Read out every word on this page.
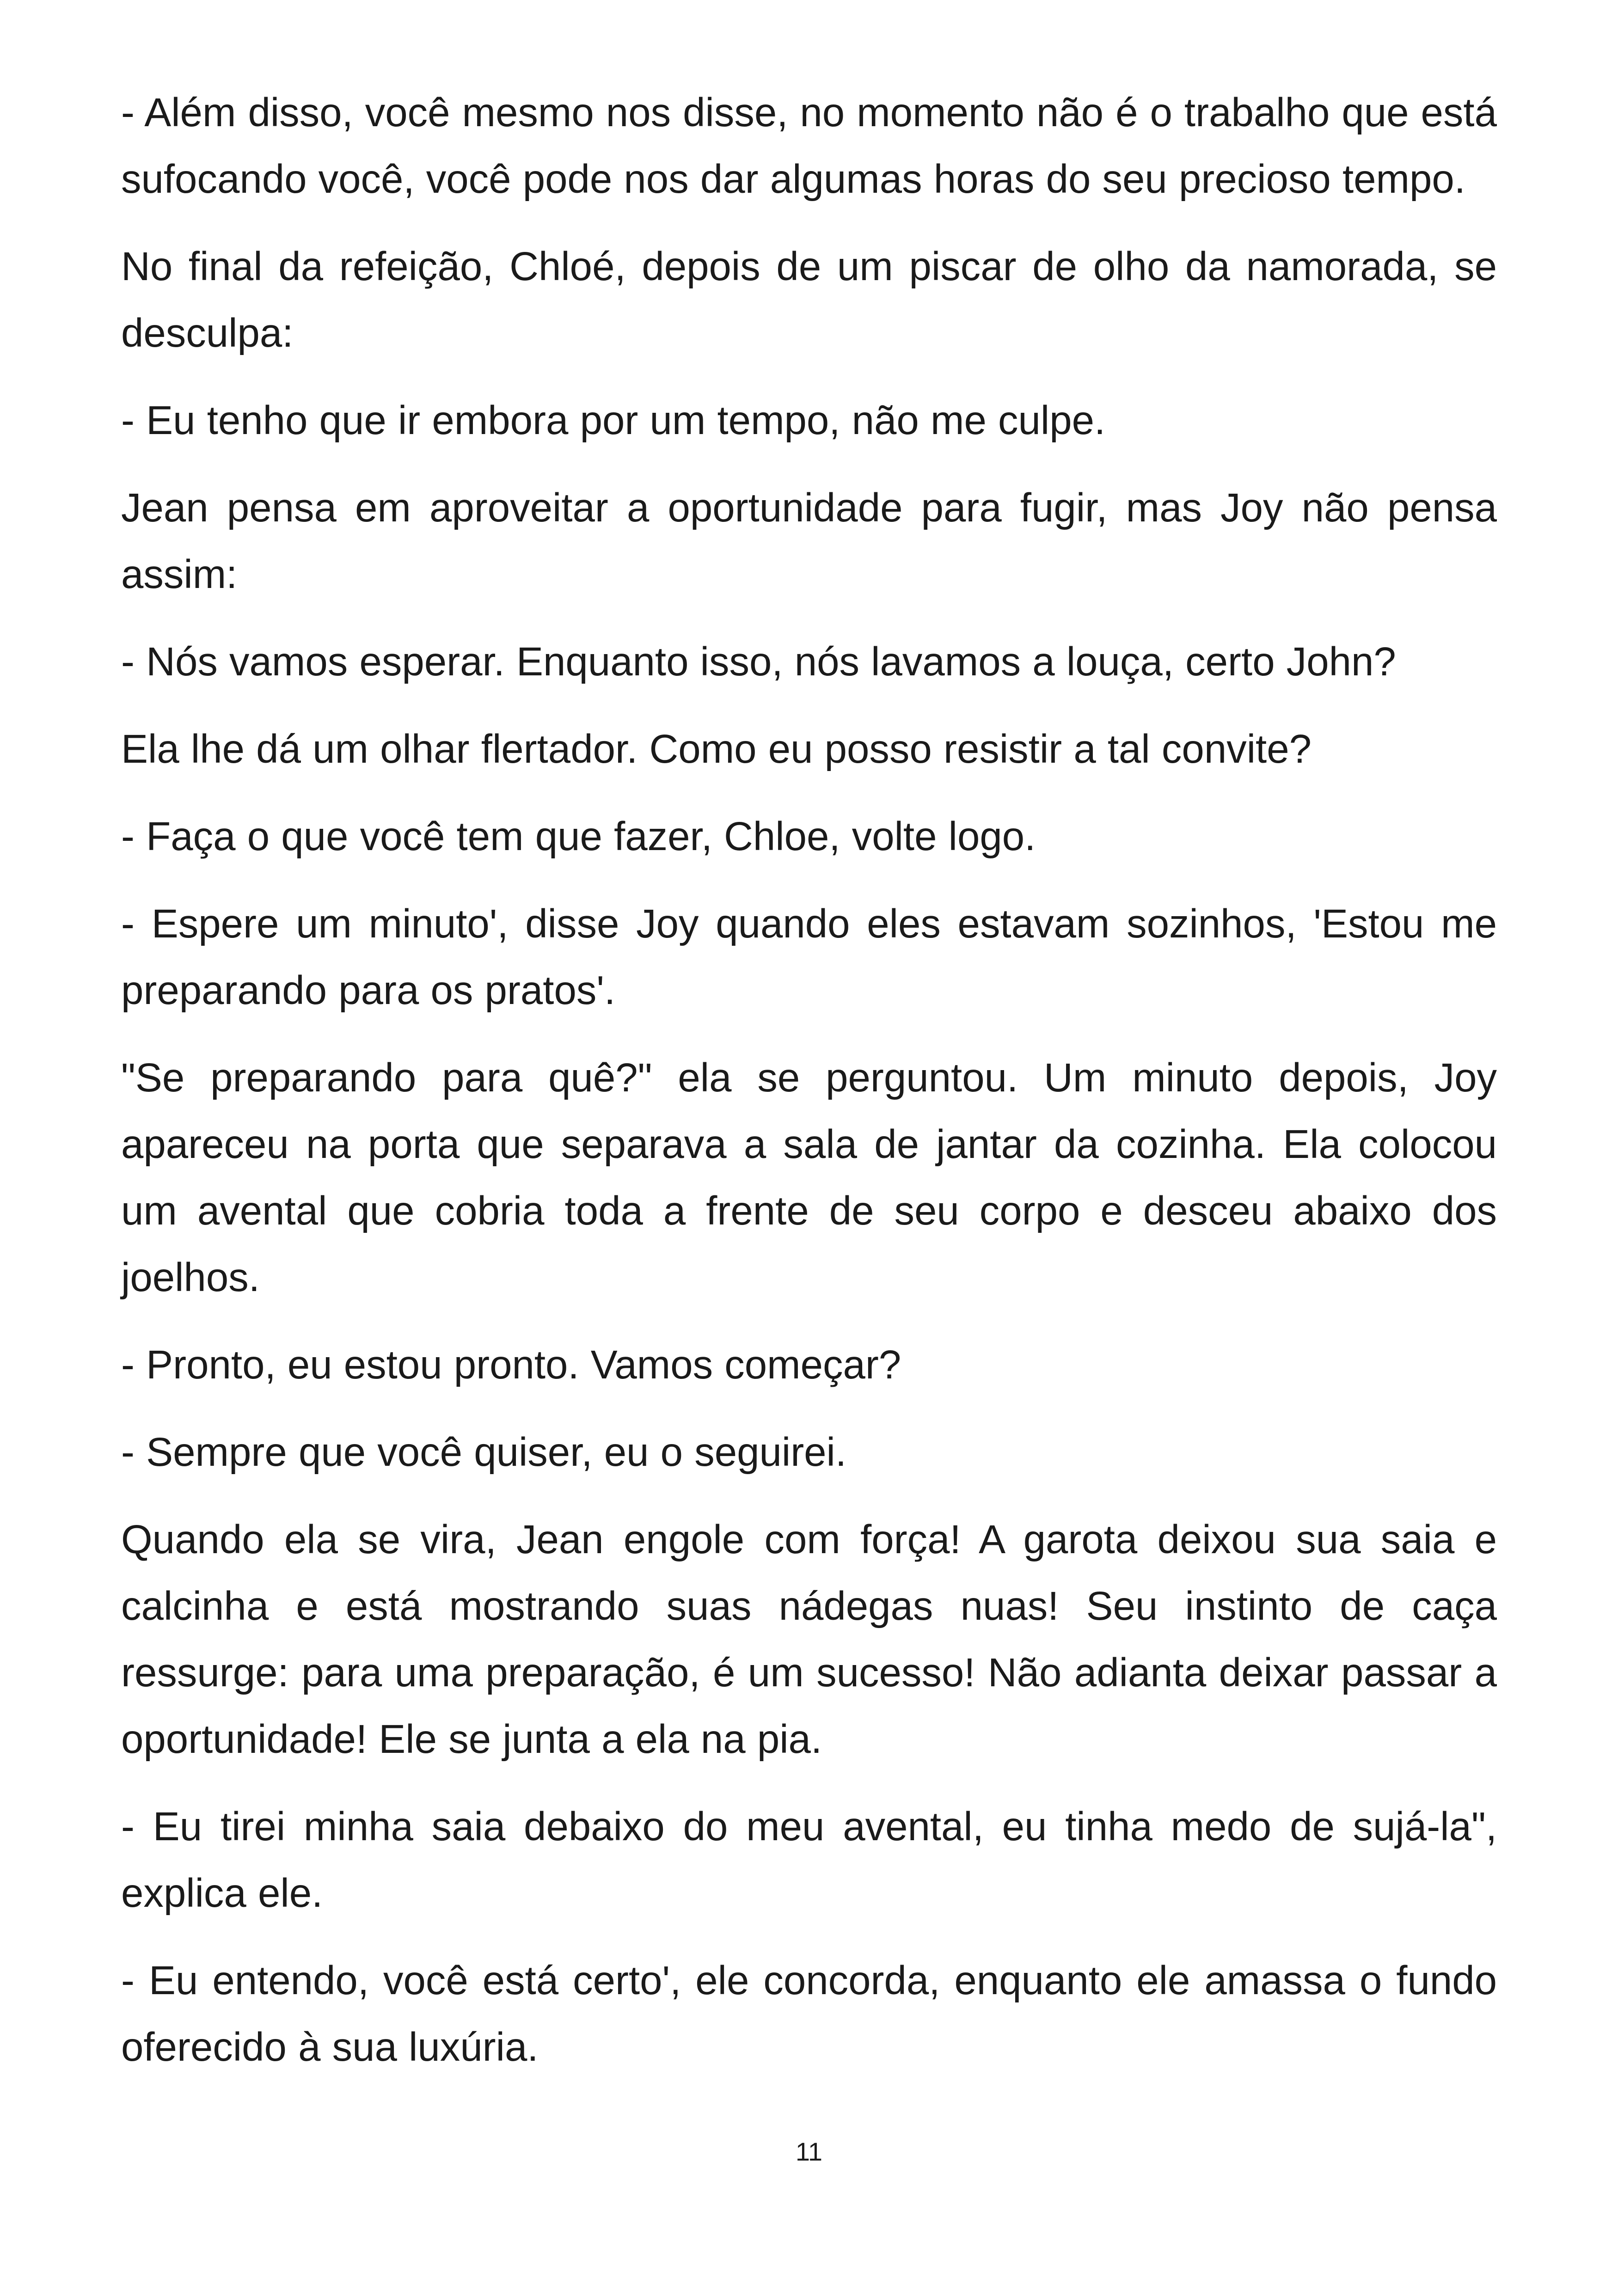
- Além disso, você mesmo nos disse, no momento não é o trabalho que está sufocando você, você pode nos dar algumas horas do seu precioso tempo.

No final da refeição, Chloé, depois de um piscar de olho da namorada, se desculpa:

- Eu tenho que ir embora por um tempo, não me culpe.

Jean pensa em aproveitar a oportunidade para fugir, mas Joy não pensa assim:

- Nós vamos esperar. Enquanto isso, nós lavamos a louça, certo John?

Ela lhe dá um olhar flertador. Como eu posso resistir a tal convite?

- Faça o que você tem que fazer, Chloe, volte logo.

- Espere um minuto', disse Joy quando eles estavam sozinhos, 'Estou me preparando para os pratos'.

"Se preparando para quê?" ela se perguntou. Um minuto depois, Joy apareceu na porta que separava a sala de jantar da cozinha. Ela colocou um avental que cobria toda a frente de seu corpo e desceu abaixo dos joelhos.

- Pronto, eu estou pronto. Vamos começar?

- Sempre que você quiser, eu o seguirei.

Quando ela se vira, Jean engole com força! A garota deixou sua saia e calcinha e está mostrando suas nádegas nuas! Seu instinto de caça ressurge: para uma preparação, é um sucesso! Não adianta deixar passar a oportunidade! Ele se junta a ela na pia.

- Eu tirei minha saia debaixo do meu avental, eu tinha medo de sujá-la", explica ele.

- Eu entendo, você está certo', ele concorda, enquanto ele amassa o fundo oferecido à sua luxúria.

11
